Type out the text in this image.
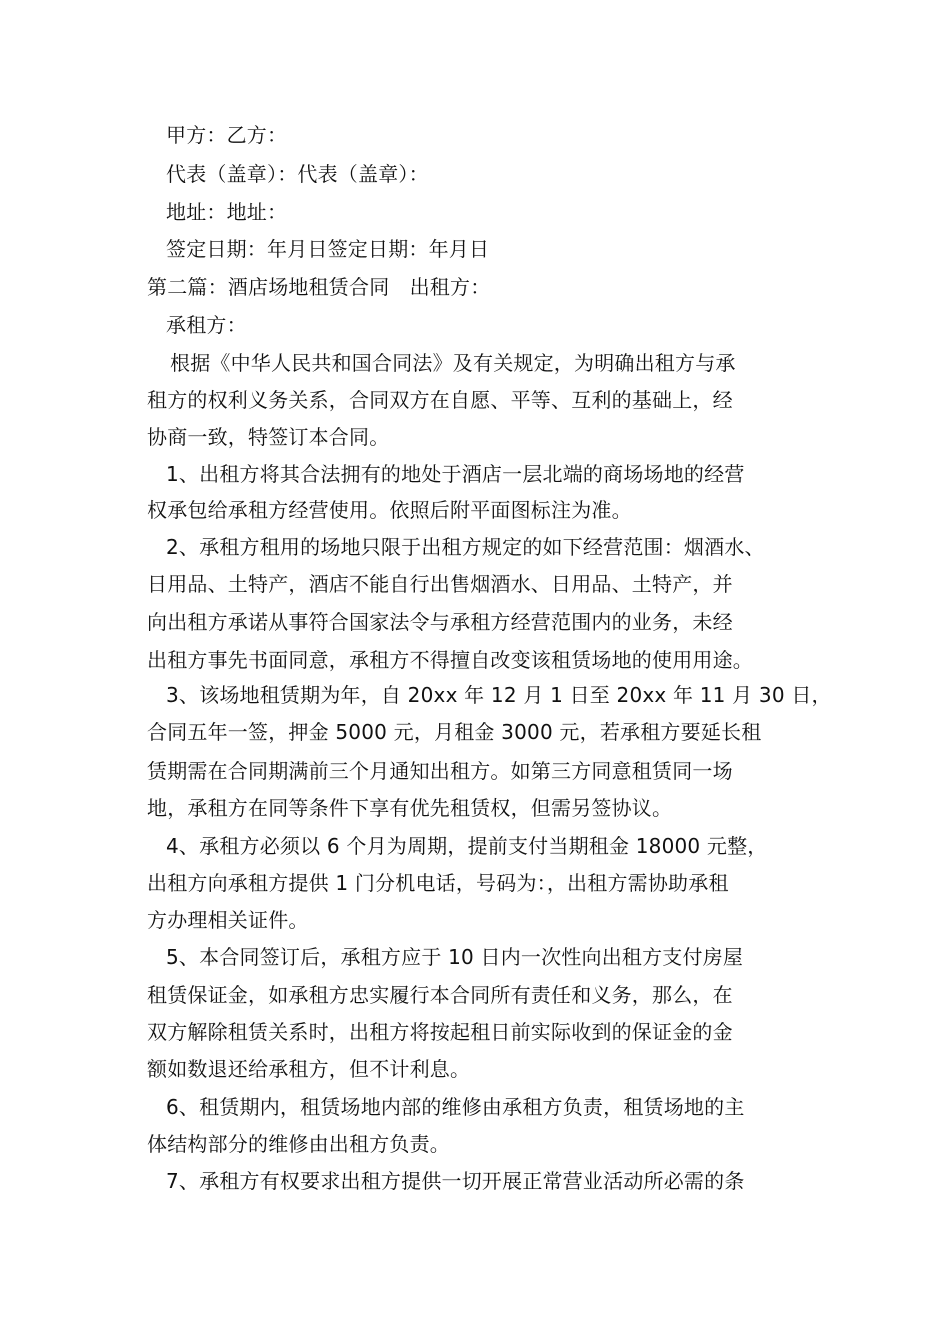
甲方：乙方：
代表（盖章）：代表（盖章）：
地址：地址：
签定日期：年月日签定日期：年月日
第二篇：酒店场地租赁合同　出租方：
承租方：
根据《中华人民共和国合同法》及有关规定，为明确出租方与承
租方的权利义务关系，合同双方在自愿、平等、互利的基础上，经
协商一致，特签订本合同。
1、出租方将其合法拥有的地处于酒店一层北端的商场场地的经营
权承包给承租方经营使用。依照后附平面图标注为准。
2、承租方租用的场地只限于出租方规定的如下经营范围：烟酒水、
日用品、土特产，酒店不能自行出售烟酒水、日用品、土特产，并
向出租方承诺从事符合国家法令与承租方经营范围内的业务，未经
出租方事先书面同意，承租方不得擅自改变该租赁场地的使用用途。
3、该场地租赁期为年，自 20xx 年 12 月 1 日至 20xx 年 11 月 30 日，
合同五年一签，押金 5000 元，月租金 3000 元，若承租方要延长租
赁期需在合同期满前三个月通知出租方。如第三方同意租赁同一场
地，承租方在同等条件下享有优先租赁权，但需另签协议。
4、承租方必须以 6 个月为周期，提前支付当期租金 18000 元整，
出租方向承租方提供 1 门分机电话，号码为：，出租方需协助承租
方办理相关证件。
5、本合同签订后，承租方应于 10 日内一次性向出租方支付房屋
租赁保证金，如承租方忠实履行本合同所有责任和义务，那么，在
双方解除租赁关系时，出租方将按起租日前实际收到的保证金的金
额如数退还给承租方，但不计利息。
6、租赁期内，租赁场地内部的维修由承租方负责，租赁场地的主
体结构部分的维修由出租方负责。
7、承租方有权要求出租方提供一切开展正常营业活动所必需的条
